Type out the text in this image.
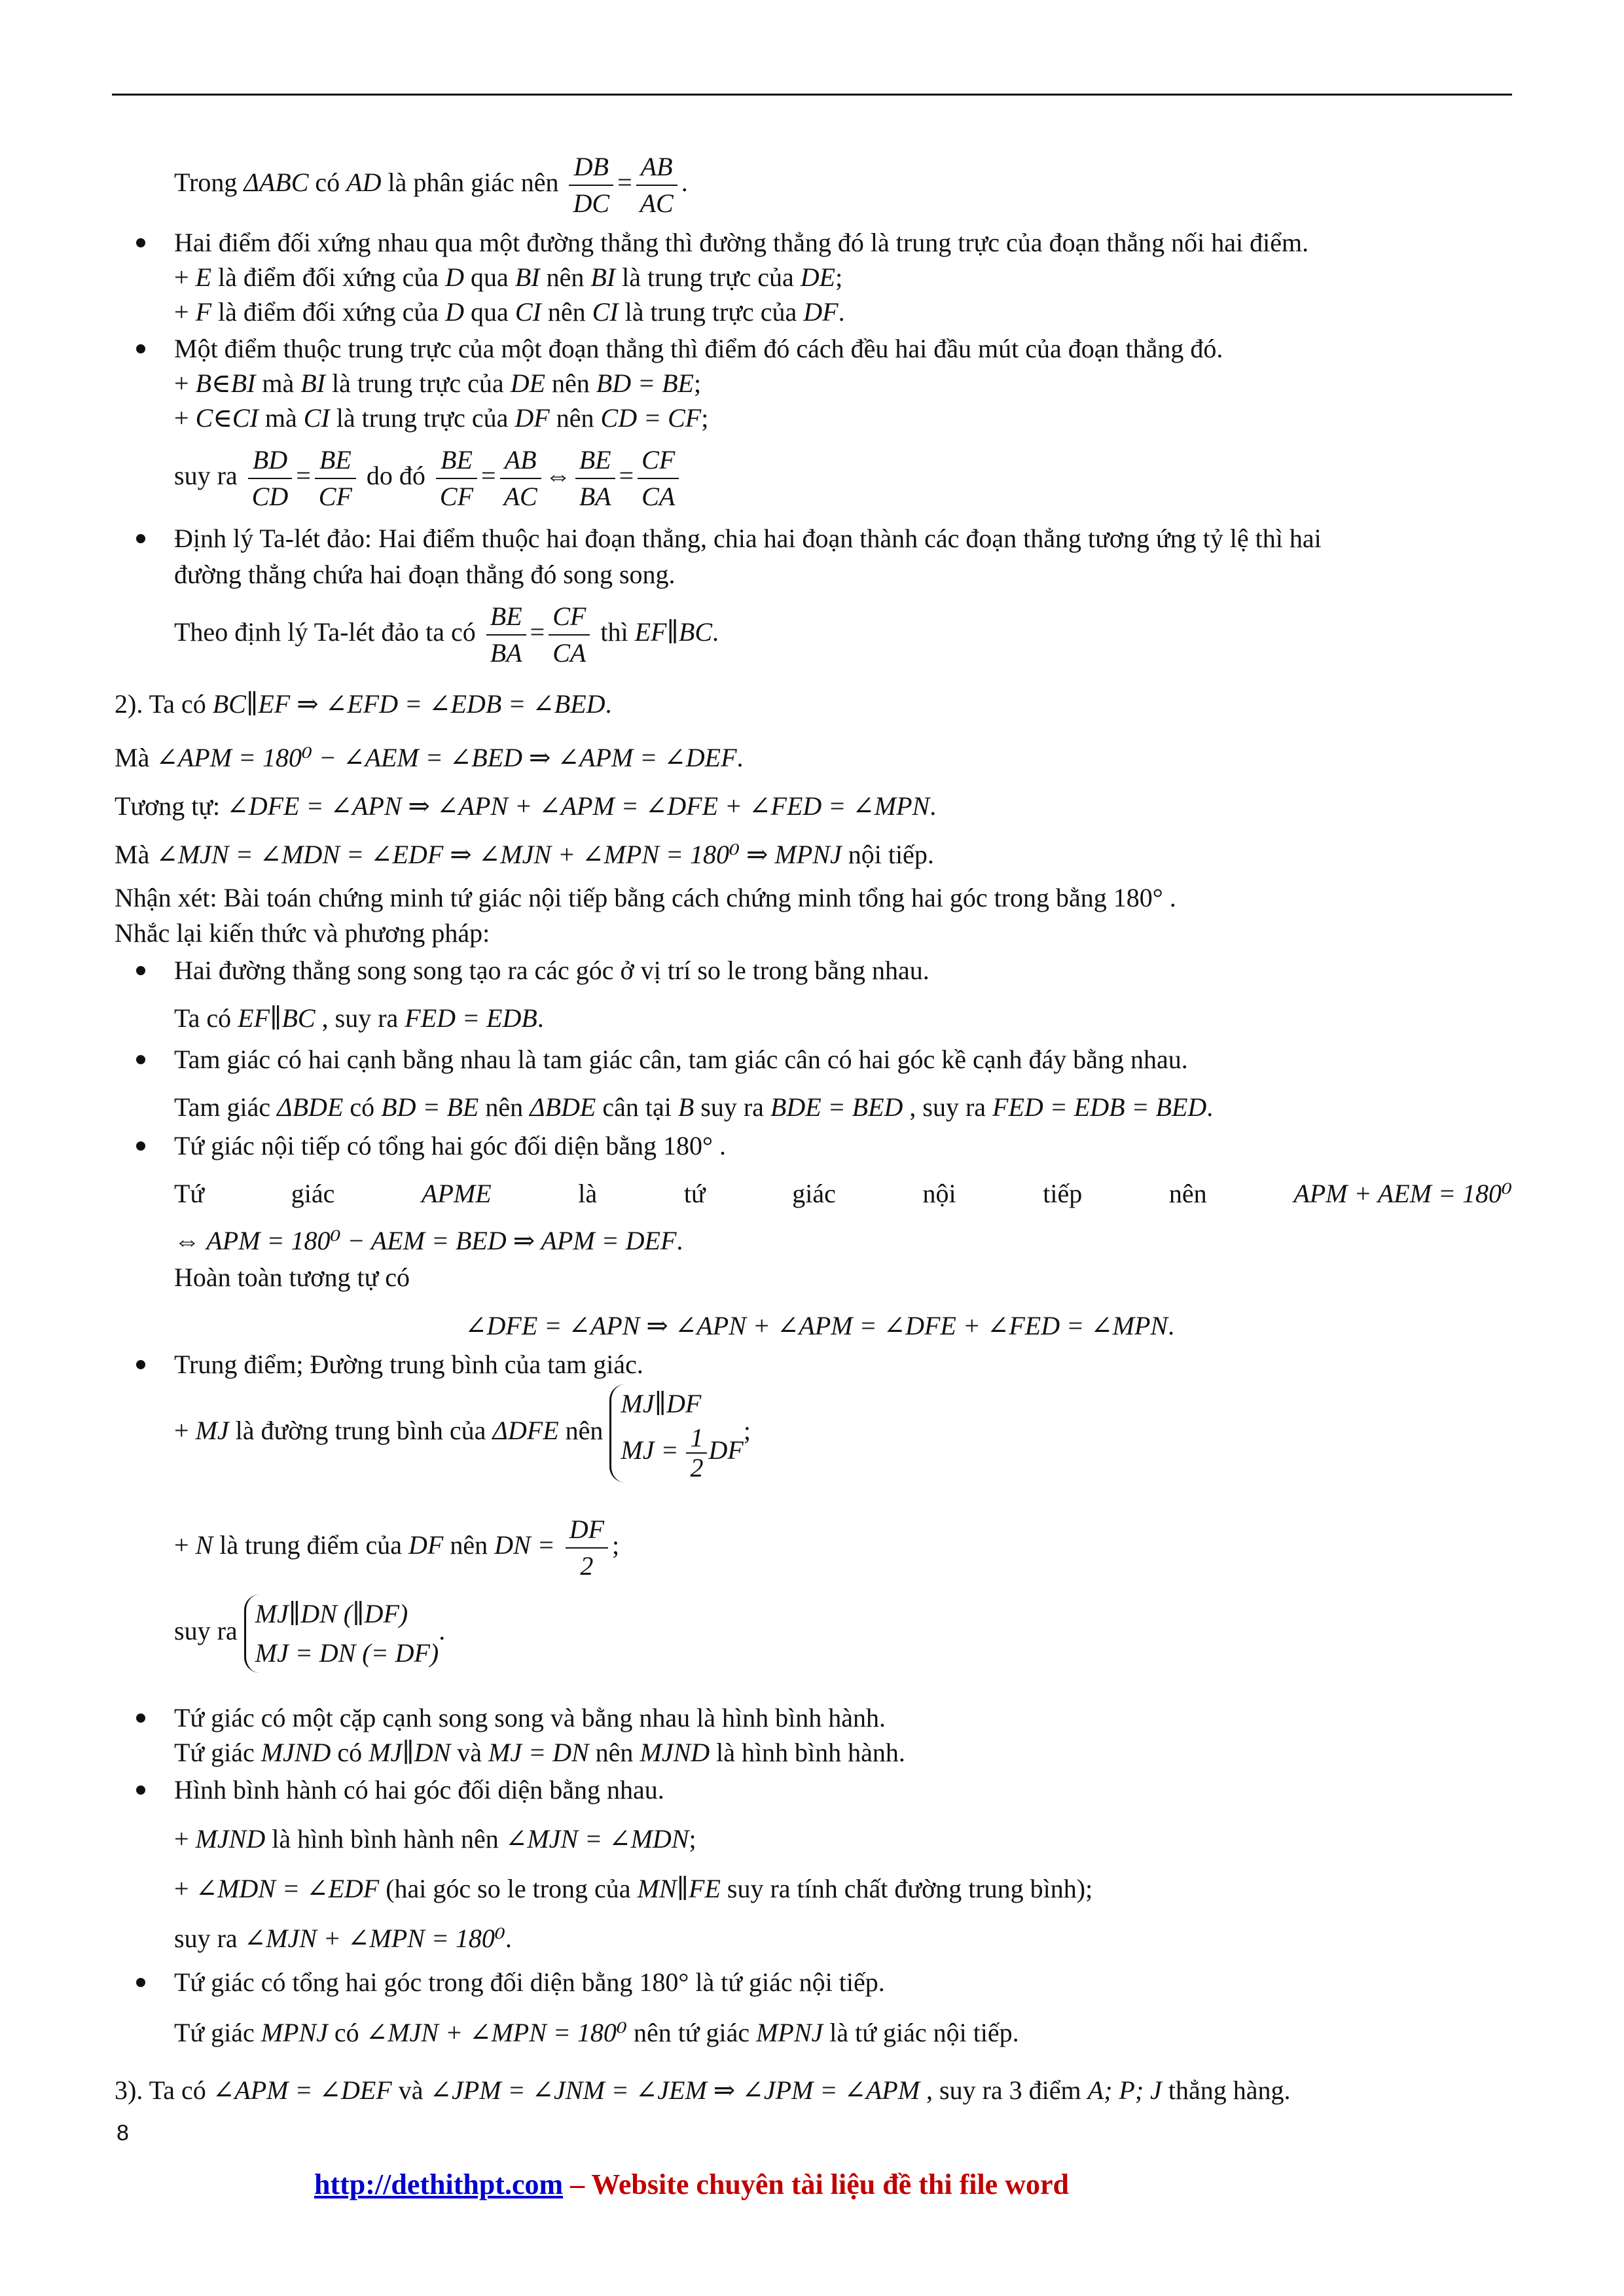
Trong ΔABC có AD là phân giác nên $\frac{DB}{DC} = \frac{AB}{AC}$ .
Hai điểm đối xứng nhau qua một đường thẳng thì đường thẳng đó là trung trực của đoạn thẳng nối hai điểm.
+ E là điểm đối xứng của D qua BI nên BI là trung trực của DE;
+ F là điểm đối xứng của D qua CI nên CI là trung trực của DF.
Một điểm thuộc trung trực của một đoạn thẳng thì điểm đó cách đều hai đầu mút của đoạn thẳng đó.
+ B∈BI mà BI là trung trực của DE nên BD = BE;
+ C∈CI mà CI là trung trực của DF nên CD = CF;
suy ra $\frac{BD}{CD} = \frac{BE}{CF}$ do đó $\frac{BE}{CF} = \frac{AB}{AC}$ ⇔ $\frac{BE}{BA} = \frac{CF}{CA}$
Định lý Ta-lét đảo: Hai điểm thuộc hai đoạn thẳng, chia hai đoạn thành các đoạn thẳng tương ứng tỷ lệ thì hai
đường thẳng chứa hai đoạn thẳng đó song song.
Theo định lý Ta-lét đảo ta có $\frac{BE}{BA} = \frac{CF}{CA}$ thì EF∥BC.
2). Ta có BC∥EF ⇒ ∠EFD = ∠EDB = ∠BED.
Mà ∠APM = 180⁰ − ∠AEM = ∠BED ⇒ ∠APM = ∠DEF.
Tương tự: ∠DFE = ∠APN ⇒ ∠APN + ∠APM = ∠DFE + ∠FED = ∠MPN.
Mà ∠MJN = ∠MDN = ∠EDF ⇒ ∠MJN + ∠MPN = 180⁰ ⇒ MPNJ nội tiếp.
Nhận xét: Bài toán chứng minh tứ giác nội tiếp bằng cách chứng minh tổng hai góc trong bằng 180° .
Nhắc lại kiến thức và phương pháp:
Hai đường thẳng song song tạo ra các góc ở vị trí so le trong bằng nhau.
Ta có EF∥BC , suy ra FED = EDB.
Tam giác có hai cạnh bằng nhau là tam giác cân, tam giác cân có hai góc kề cạnh đáy bằng nhau.
Tam giác ΔBDE có BD = BE nên ΔBDE cân tại B suy ra BDE = BED , suy ra FED = EDB = BED.
Tứ giác nội tiếp có tổng hai góc đối diện bằng 180° .
Tứ	giác	APME	là	tứ	giác	nội	tiếp	nên	APM + AEM = 180⁰
⇔ APM = 180⁰ − AEM = BED ⇒ APM = DEF.
Hoàn toàn tương tự có
∠DFE = ∠APN ⇒ ∠APN + ∠APM = ∠DFE + ∠FED = ∠MPN.
Trung điểm; Đường trung bình của tam giác.
+ MJ là đường trung bình của ΔDFE nên
MJ∥DF
MJ = $\frac{1}{2}$ DF
;
+ N là trung điểm của DF nên DN = $\frac{DF}{2}$ ;
suy ra
MJ∥DN (∥DF)
MJ = DN (= DF)
.
Tứ giác có một cặp cạnh song song và bằng nhau là hình bình hành.
Tứ giác MJND có MJ∥DN và MJ = DN nên MJND là hình bình hành.
Hình bình hành có hai góc đối diện bằng nhau.
+ MJND là hình bình hành nên ∠MJN = ∠MDN;
+ ∠MDN = ∠EDF (hai góc so le trong của MN∥FE suy ra tính chất đường trung bình);
suy ra ∠MJN + ∠MPN = 180⁰.
Tứ giác có tổng hai góc trong đối diện bằng 180° là tứ giác nội tiếp.
Tứ giác MPNJ có ∠MJN + ∠MPN = 180⁰ nên tứ giác MPNJ là tứ giác nội tiếp.
3). Ta có ∠APM = ∠DEF và ∠JPM = ∠JNM = ∠JEM ⇒ ∠JPM = ∠APM , suy ra 3 điểm A; P; J thẳng hàng.
8
http://dethithpt.com – Website chuyên tài liệu đề thi file word
